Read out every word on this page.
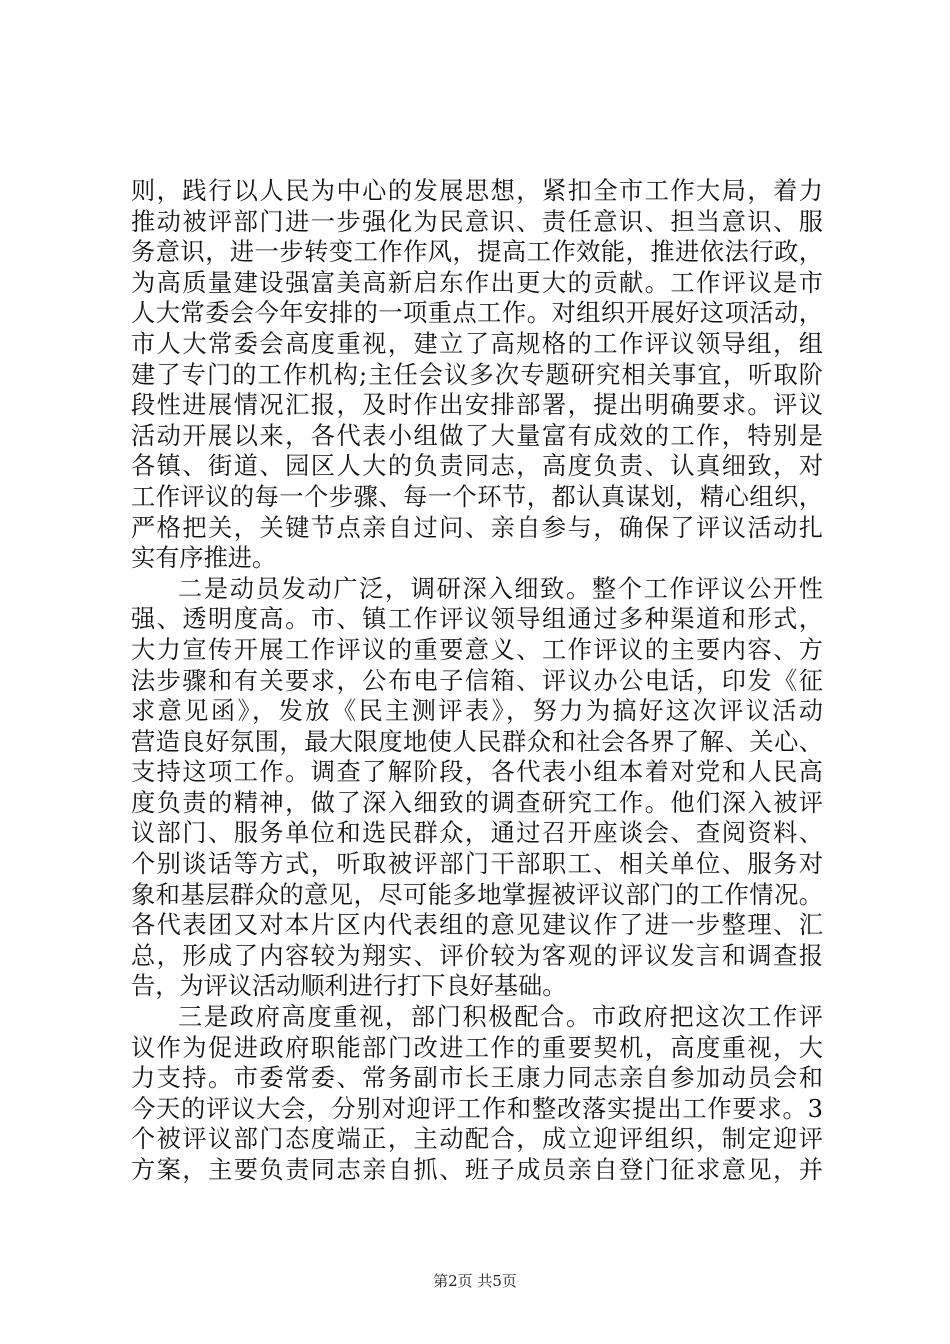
则，践行以人民为中心的发展思想，紧扣全市工作大局，着力
推动被评部门进一步强化为民意识、责任意识、担当意识、服
务意识，进一步转变工作作风，提高工作效能，推进依法行政，
为高质量建设强富美高新启东作出更大的贡献。工作评议是市
人大常委会今年安排的一项重点工作。对组织开展好这项活动，
市人大常委会高度重视，建立了高规格的工作评议领导组，组
建了专门的工作机构;主任会议多次专题研究相关事宜，听取阶
段性进展情况汇报，及时作出安排部署，提出明确要求。评议
活动开展以来，各代表小组做了大量富有成效的工作，特别是
各镇、街道、园区人大的负责同志，高度负责、认真细致，对
工作评议的每一个步骤、每一个环节，都认真谋划，精心组织，
严格把关，关键节点亲自过问、亲自参与，确保了评议活动扎
实有序推进。
二是动员发动广泛，调研深入细致。整个工作评议公开性
强、透明度高。市、镇工作评议领导组通过多种渠道和形式，
大力宣传开展工作评议的重要意义、工作评议的主要内容、方
法步骤和有关要求，公布电子信箱、评议办公电话，印发《征
求意见函》，发放《民主测评表》，努力为搞好这次评议活动
营造良好氛围，最大限度地使人民群众和社会各界了解、关心、
支持这项工作。调查了解阶段，各代表小组本着对党和人民高
度负责的精神，做了深入细致的调查研究工作。他们深入被评
议部门、服务单位和选民群众，通过召开座谈会、查阅资料、
个别谈话等方式，听取被评部门干部职工、相关单位、服务对
象和基层群众的意见，尽可能多地掌握被评议部门的工作情况。
各代表团又对本片区内代表组的意见建议作了进一步整理、汇
总，形成了内容较为翔实、评价较为客观的评议发言和调查报
告，为评议活动顺利进行打下良好基础。
三是政府高度重视，部门积极配合。市政府把这次工作评
议作为促进政府职能部门改进工作的重要契机，高度重视，大
力支持。市委常委、常务副市长王康力同志亲自参加动员会和
今天的评议大会，分别对迎评工作和整改落实提出工作要求。3
个被评议部门态度端正，主动配合，成立迎评组织，制定迎评
方案，主要负责同志亲自抓、班子成员亲自登门征求意见，并
第2页 共5页
